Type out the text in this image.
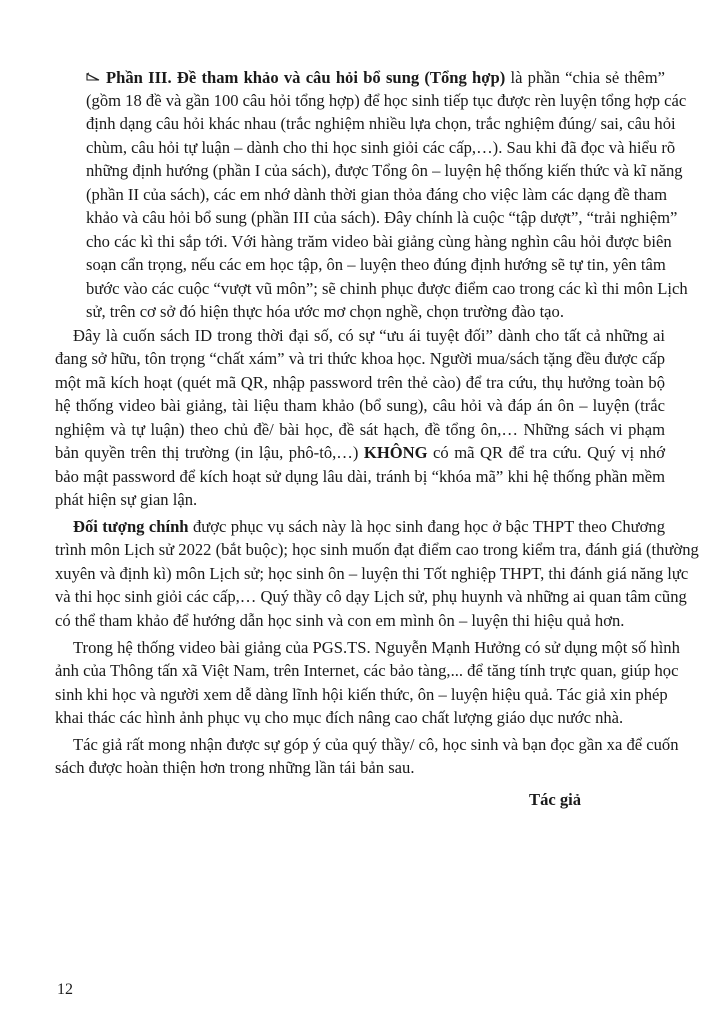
Phần III. Đề tham khảo và câu hỏi bổ sung (Tổng hợp) là phần “chia sẻ thêm”
(gồm 18 đề và gần 100 câu hỏi tổng hợp) để học sinh tiếp tục được rèn luyện tổng hợp các
định dạng câu hỏi khác nhau (trắc nghiệm nhiều lựa chọn, trắc nghiệm đúng/ sai, câu hỏi
chùm, câu hỏi tự luận – dành cho thi học sinh giỏi các cấp,…). Sau khi đã đọc và hiểu rõ
những định hướng (phần I của sách), được Tổng ôn – luyện hệ thống kiến thức và kĩ năng
(phần II của sách), các em nhớ dành thời gian thỏa đáng cho việc làm các dạng đề tham
khảo và câu hỏi bổ sung (phần III của sách). Đây chính là cuộc “tập dượt”, “trải nghiệm”
cho các kì thi sắp tới. Với hàng trăm video bài giảng cùng hàng nghìn câu hỏi được biên
soạn cẩn trọng, nếu các em học tập, ôn – luyện theo đúng định hướng sẽ tự tin, yên tâm
bước vào các cuộc “vượt vũ môn”; sẽ chinh phục được điểm cao trong các kì thi môn Lịch
sử, trên cơ sở đó hiện thực hóa ước mơ chọn nghề, chọn trường đào tạo.
Đây là cuốn sách ID trong thời đại số, có sự “ưu ái tuyệt đối” dành cho tất cả những ai
đang sở hữu, tôn trọng “chất xám” và tri thức khoa học. Người mua/sách tặng đều được cấp
một mã kích hoạt (quét mã QR, nhập password trên thẻ cào) để tra cứu, thụ hưởng toàn bộ
hệ thống video bài giảng, tài liệu tham khảo (bổ sung), câu hỏi và đáp án ôn – luyện (trắc
nghiệm và tự luận) theo chủ đề/ bài học, đề sát hạch, đề tổng ôn,… Những sách vi phạm
bản quyền trên thị trường (in lậu, phô-tô,…) KHÔNG có mã QR để tra cứu. Quý vị nhớ
bảo mật password để kích hoạt sử dụng lâu dài, tránh bị “khóa mã” khi hệ thống phần mềm
phát hiện sự gian lận.
Đối tượng chính được phục vụ sách này là học sinh đang học ở bậc THPT theo Chương
trình môn Lịch sử 2022 (bắt buộc); học sinh muốn đạt điểm cao trong kiểm tra, đánh giá (thường
xuyên và định kì) môn Lịch sử; học sinh ôn – luyện thi Tốt nghiệp THPT, thi đánh giá năng lực
và thi học sinh giỏi các cấp,… Quý thầy cô dạy Lịch sử, phụ huynh và những ai quan tâm cũng
có thể tham khảo để hướng dẫn học sinh và con em mình ôn – luyện thi hiệu quả hơn.
Trong hệ thống video bài giảng của PGS.TS. Nguyễn Mạnh Hưởng có sử dụng một số hình
ảnh của Thông tấn xã Việt Nam, trên Internet, các bảo tàng,... để tăng tính trực quan, giúp học
sinh khi học và người xem dễ dàng lĩnh hội kiến thức, ôn – luyện hiệu quả. Tác giả xin phép
khai thác các hình ảnh phục vụ cho mục đích nâng cao chất lượng giáo dục nước nhà.
Tác giả rất mong nhận được sự góp ý của quý thầy/ cô, học sinh và bạn đọc gần xa để cuốn
sách được hoàn thiện hơn trong những lần tái bản sau.
Tác giả
12
